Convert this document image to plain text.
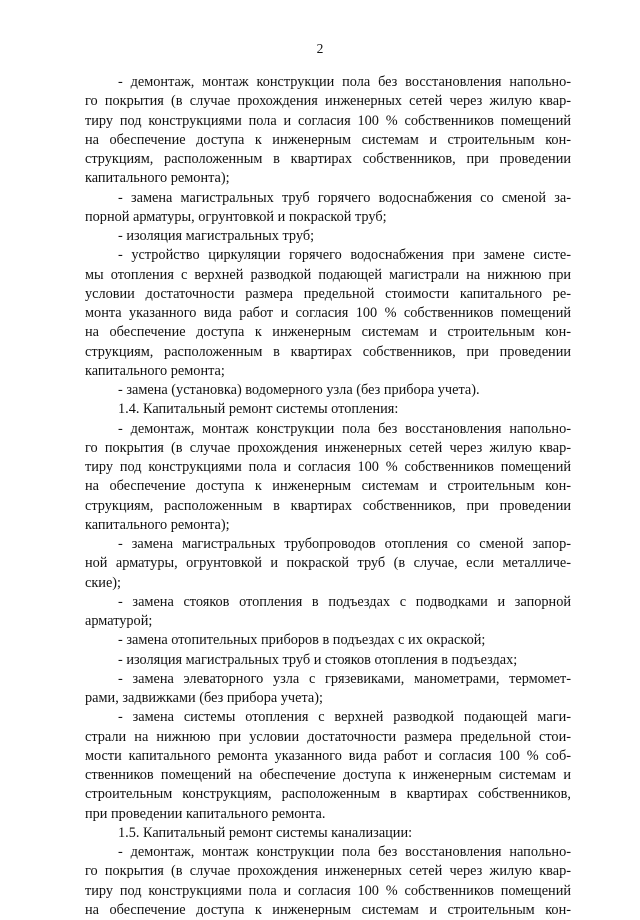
2
- демонтаж, монтаж конструкции пола без восстановления напольно-
го покрытия (в случае прохождения инженерных сетей через жилую квар-
тиру под конструкциями пола и согласия 100 % собственников помещений
на обеспечение доступа к инженерным системам и строительным кон-
струкциям, расположенным в квартирах собственников, при проведении
капитального ремонта);
- замена магистральных труб горячего водоснабжения со сменой за-
порной арматуры, огрунтовкой и покраской труб;
- изоляция магистральных труб;
- устройство циркуляции горячего водоснабжения при замене систе-
мы отопления с верхней разводкой подающей магистрали на нижнюю при
условии достаточности размера предельной стоимости капитального ре-
монта указанного вида работ и согласия 100 % собственников помещений
на обеспечение доступа к инженерным системам и строительным кон-
струкциям, расположенным в квартирах собственников, при проведении
капитального ремонта;
- замена (установка) водомерного узла (без прибора учета).
1.4. Капитальный ремонт системы отопления:
- демонтаж, монтаж конструкции пола без восстановления напольно-
го покрытия (в случае прохождения инженерных сетей через жилую квар-
тиру под конструкциями пола и согласия 100 % собственников помещений
на обеспечение доступа к инженерным системам и строительным кон-
струкциям, расположенным в квартирах собственников, при проведении
капитального ремонта);
- замена магистральных трубопроводов отопления со сменой запор-
ной арматуры, огрунтовкой и покраской труб (в случае, если металличе-
ские);
- замена стояков отопления в подъездах с подводками и запорной
арматурой;
- замена отопительных приборов в подъездах с их окраской;
- изоляция магистральных труб и стояков отопления в подъездах;
- замена элеваторного узла с грязевиками, манометрами, термомет-
рами, задвижками (без прибора учета);
- замена системы отопления с верхней разводкой подающей маги-
страли на нижнюю при условии достаточности размера предельной стои-
мости капитального ремонта указанного вида работ и согласия 100 % соб-
ственников помещений на обеспечение доступа к инженерным системам и
строительным конструкциям, расположенным в квартирах собственников,
при проведении капитального ремонта.
1.5. Капитальный ремонт системы канализации:
- демонтаж, монтаж конструкции пола без восстановления напольно-
го покрытия (в случае прохождения инженерных сетей через жилую квар-
тиру под конструкциями пола и согласия 100 % собственников помещений
на обеспечение доступа к инженерным системам и строительным кон-
